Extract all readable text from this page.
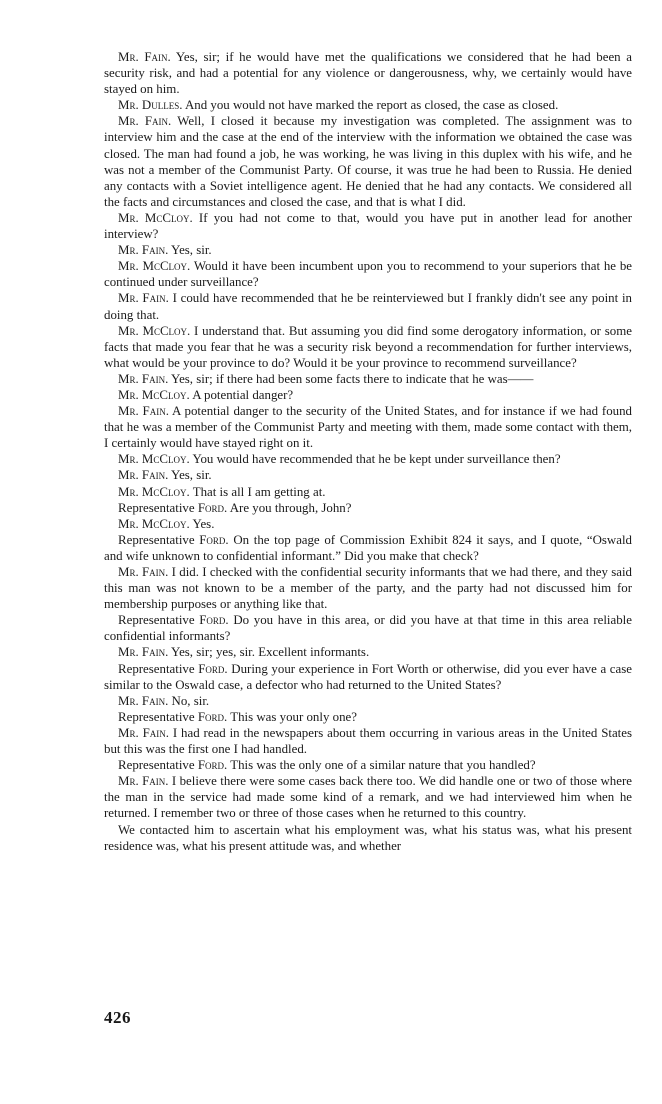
Mr. Fain. Yes, sir; if he would have met the qualifications we considered that he had been a security risk, and had a potential for any violence or dangerousness, why, we certainly would have stayed on him.

Mr. Dulles. And you would not have marked the report as closed, the case as closed.

Mr. Fain. Well, I closed it because my investigation was completed. The assignment was to interview him and the case at the end of the interview with the information we obtained the case was closed. The man had found a job, he was working, he was living in this duplex with his wife, and he was not a member of the Communist Party. Of course, it was true he had been to Russia. He denied any contacts with a Soviet intelligence agent. He denied that he had any contacts. We considered all the facts and circumstances and closed the case, and that is what I did.

Mr. McCloy. If you had not come to that, would you have put in another lead for another interview?

Mr. Fain. Yes, sir.

Mr. McCloy. Would it have been incumbent upon you to recommend to your superiors that he be continued under surveillance?

Mr. Fain. I could have recommended that he be reinterviewed but I frankly didn't see any point in doing that.

Mr. McCloy. I understand that. But assuming you did find some derogatory information, or some facts that made you fear that he was a security risk beyond a recommendation for further interviews, what would be your province to do? Would it be your province to recommend surveillance?

Mr. Fain. Yes, sir; if there had been some facts there to indicate that he was——

Mr. McCloy. A potential danger?

Mr. Fain. A potential danger to the security of the United States, and for instance if we had found that he was a member of the Communist Party and meeting with them, made some contact with them, I certainly would have stayed right on it.

Mr. McCloy. You would have recommended that he be kept under surveillance then?

Mr. Fain. Yes, sir.

Mr. McCloy. That is all I am getting at.

Representative Ford. Are you through, John?

Mr. McCloy. Yes.

Representative Ford. On the top page of Commission Exhibit 824 it says, and I quote, “Oswald and wife unknown to confidential informant.” Did you make that check?

Mr. Fain. I did. I checked with the confidential security informants that we had there, and they said this man was not known to be a member of the party, and the party had not discussed him for membership purposes or anything like that.

Representative Ford. Do you have in this area, or did you have at that time in this area reliable confidential informants?

Mr. Fain. Yes, sir; yes, sir. Excellent informants.

Representative Ford. During your experience in Fort Worth or otherwise, did you ever have a case similar to the Oswald case, a defector who had returned to the United States?

Mr. Fain. No, sir.

Representative Ford. This was your only one?

Mr. Fain. I had read in the newspapers about them occurring in various areas in the United States but this was the first one I had handled.

Representative Ford. This was the only one of a similar nature that you handled?

Mr. Fain. I believe there were some cases back there too. We did handle one or two of those where the man in the service had made some kind of a remark, and we had interviewed him when he returned. I remember two or three of those cases when he returned to this country.

We contacted him to ascertain what his employment was, what his status was, what his present residence was, what his present attitude was, and whether

426
